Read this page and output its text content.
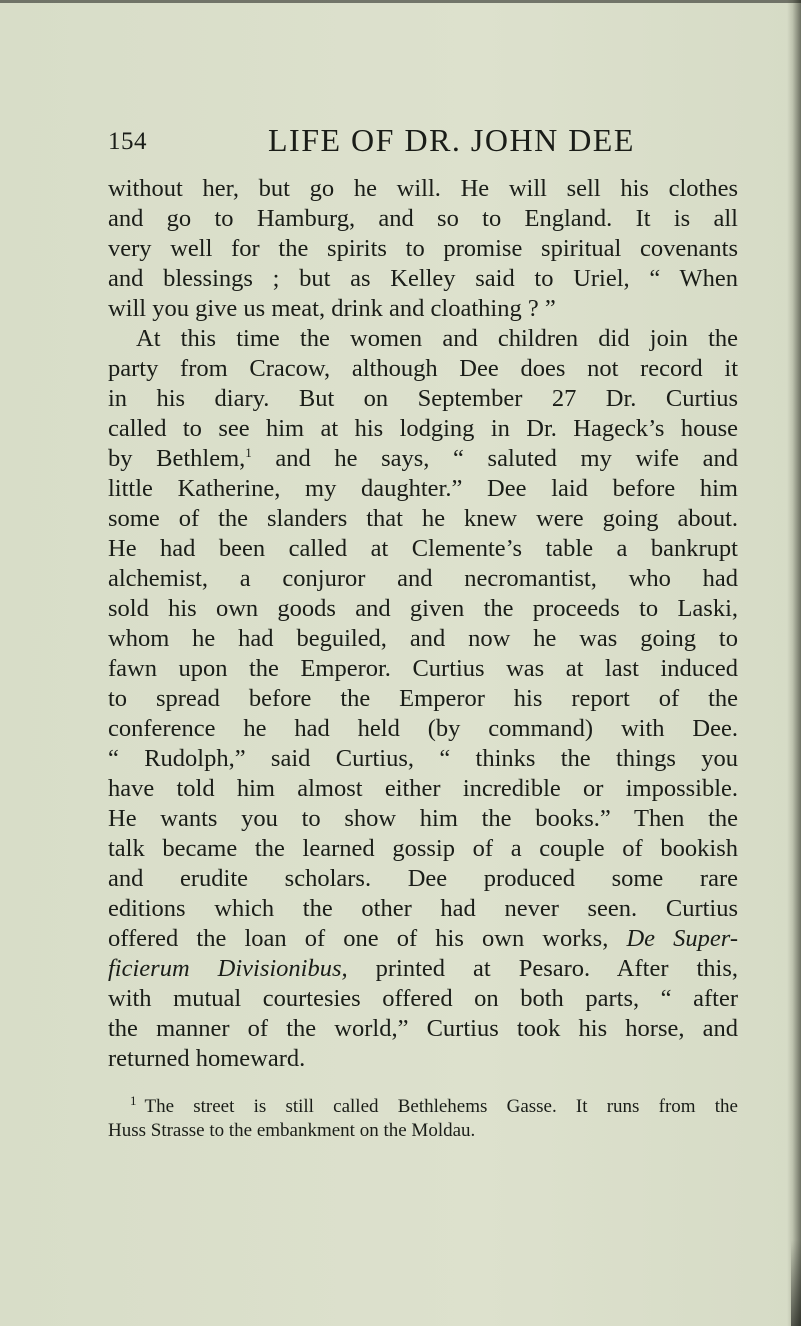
154	LIFE OF DR. JOHN DEE
without her, but go he will. He will sell his clothes
and go to Hamburg, and so to England. It is all
very well for the spirits to promise spiritual covenants
and blessings ; but as Kelley said to Uriel, “ When
will you give us meat, drink and cloathing ? ”
At this time the women and children did join the
party from Cracow, although Dee does not record it
in his diary. But on September 27 Dr. Curtius
called to see him at his lodging in Dr. Hageck’s house
by Bethlem,$^1$ and he says, “ saluted my wife and
little Katherine, my daughter.” Dee laid before him
some of the slanders that he knew were going about.
He had been called at Clemente’s table a bankrupt
alchemist, a conjuror and necromantist, who had
sold his own goods and given the proceeds to Laski,
whom he had beguiled, and now he was going to
fawn upon the Emperor. Curtius was at last induced
to spread before the Emperor his report of the
conference he had held (by command) with Dee.
“ Rudolph,” said Curtius, “ thinks the things you
have told him almost either incredible or impossible.
He wants you to show him the books.” Then the
talk became the learned gossip of a couple of bookish
and erudite scholars. Dee produced some rare
editions which the other had never seen. Curtius
offered the loan of one of his own works, De Super-
ficierum Divisionibus, printed at Pesaro. After this,
with mutual courtesies offered on both parts, “ after
the manner of the world,” Curtius took his horse, and
returned homeward.
$^1$ The street is still called Bethlehems Gasse. It runs from the
Huss Strasse to the embankment on the Moldau.
